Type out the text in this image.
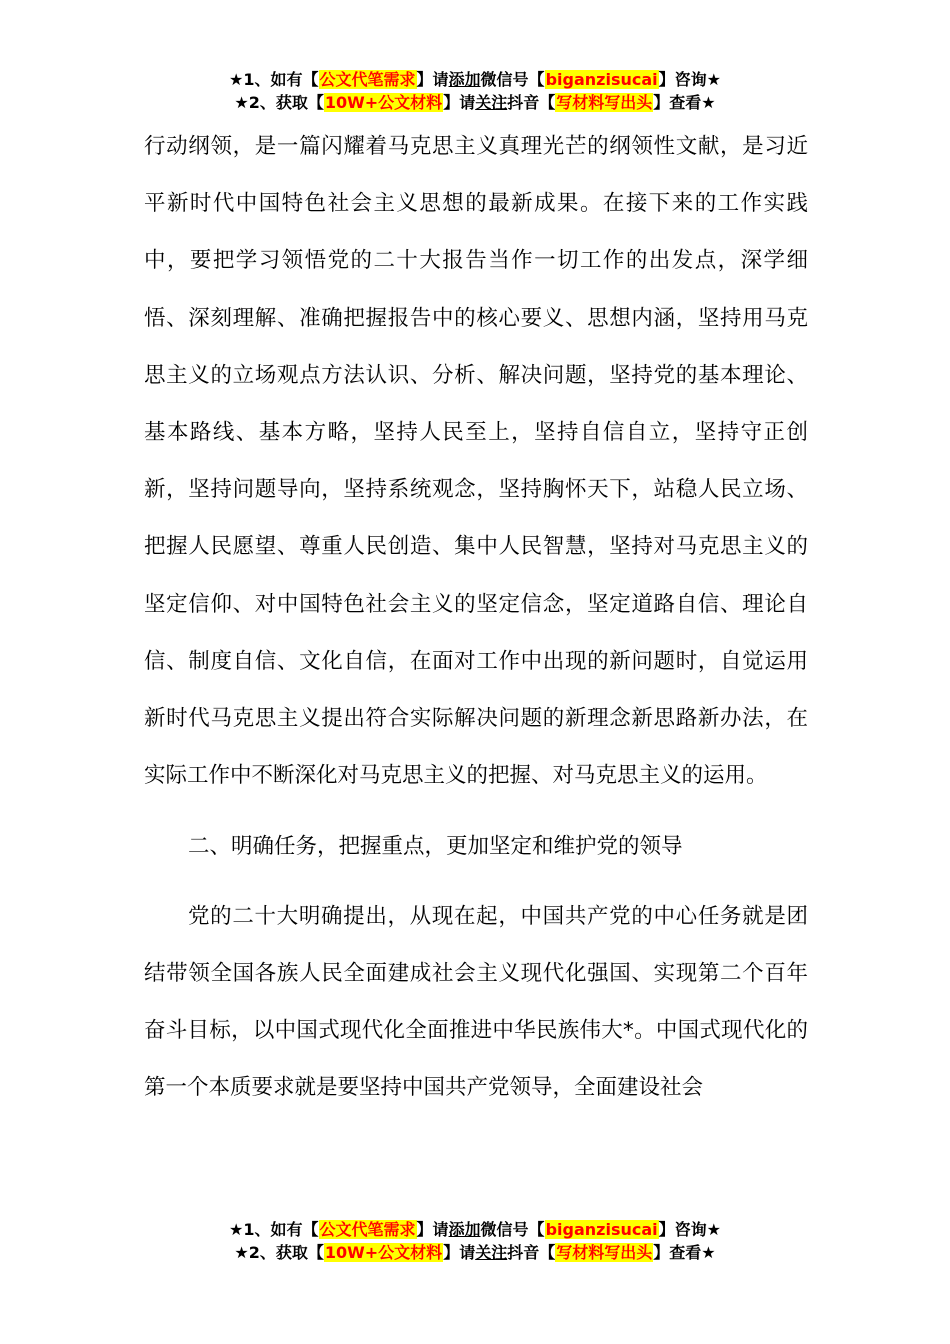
★1、如有【公文代笔需求】请添加微信号【biganzisucai】咨询★
★2、获取【10W+公文材料】请关注抖音【写材料写出头】查看★

行动纲领，是一篇闪耀着马克思主义真理光芒的纲领性文献，是习近平新时代中国特色社会主义思想的最新成果。在接下来的工作实践中，要把学习领悟党的二十大报告当作一切工作的出发点，深学细悟、深刻理解、准确把握报告中的核心要义、思想内涵，坚持用马克思主义的立场观点方法认识、分析、解决问题，坚持党的基本理论、基本路线、基本方略，坚持人民至上，坚持自信自立，坚持守正创新，坚持问题导向，坚持系统观念，坚持胸怀天下，站稳人民立场、把握人民愿望、尊重人民创造、集中人民智慧，坚持对马克思主义的坚定信仰、对中国特色社会主义的坚定信念，坚定道路自信、理论自信、制度自信、文化自信，在面对工作中出现的新问题时，自觉运用新时代马克思主义提出符合实际解决问题的新理念新思路新办法，在实际工作中不断深化对马克思主义的把握、对马克思主义的运用。

二、明确任务，把握重点，更加坚定和维护党的领导

党的二十大明确提出，从现在起，中国共产党的中心任务就是团结带领全国各族人民全面建成社会主义现代化强国、实现第二个百年奋斗目标，以中国式现代化全面推进中华民族伟大*。中国式现代化的第一个本质要求就是要坚持中国共产党领导，全面建设社会

★1、如有【公文代笔需求】请添加微信号【biganzisucai】咨询★
★2、获取【10W+公文材料】请关注抖音【写材料写出头】查看★
